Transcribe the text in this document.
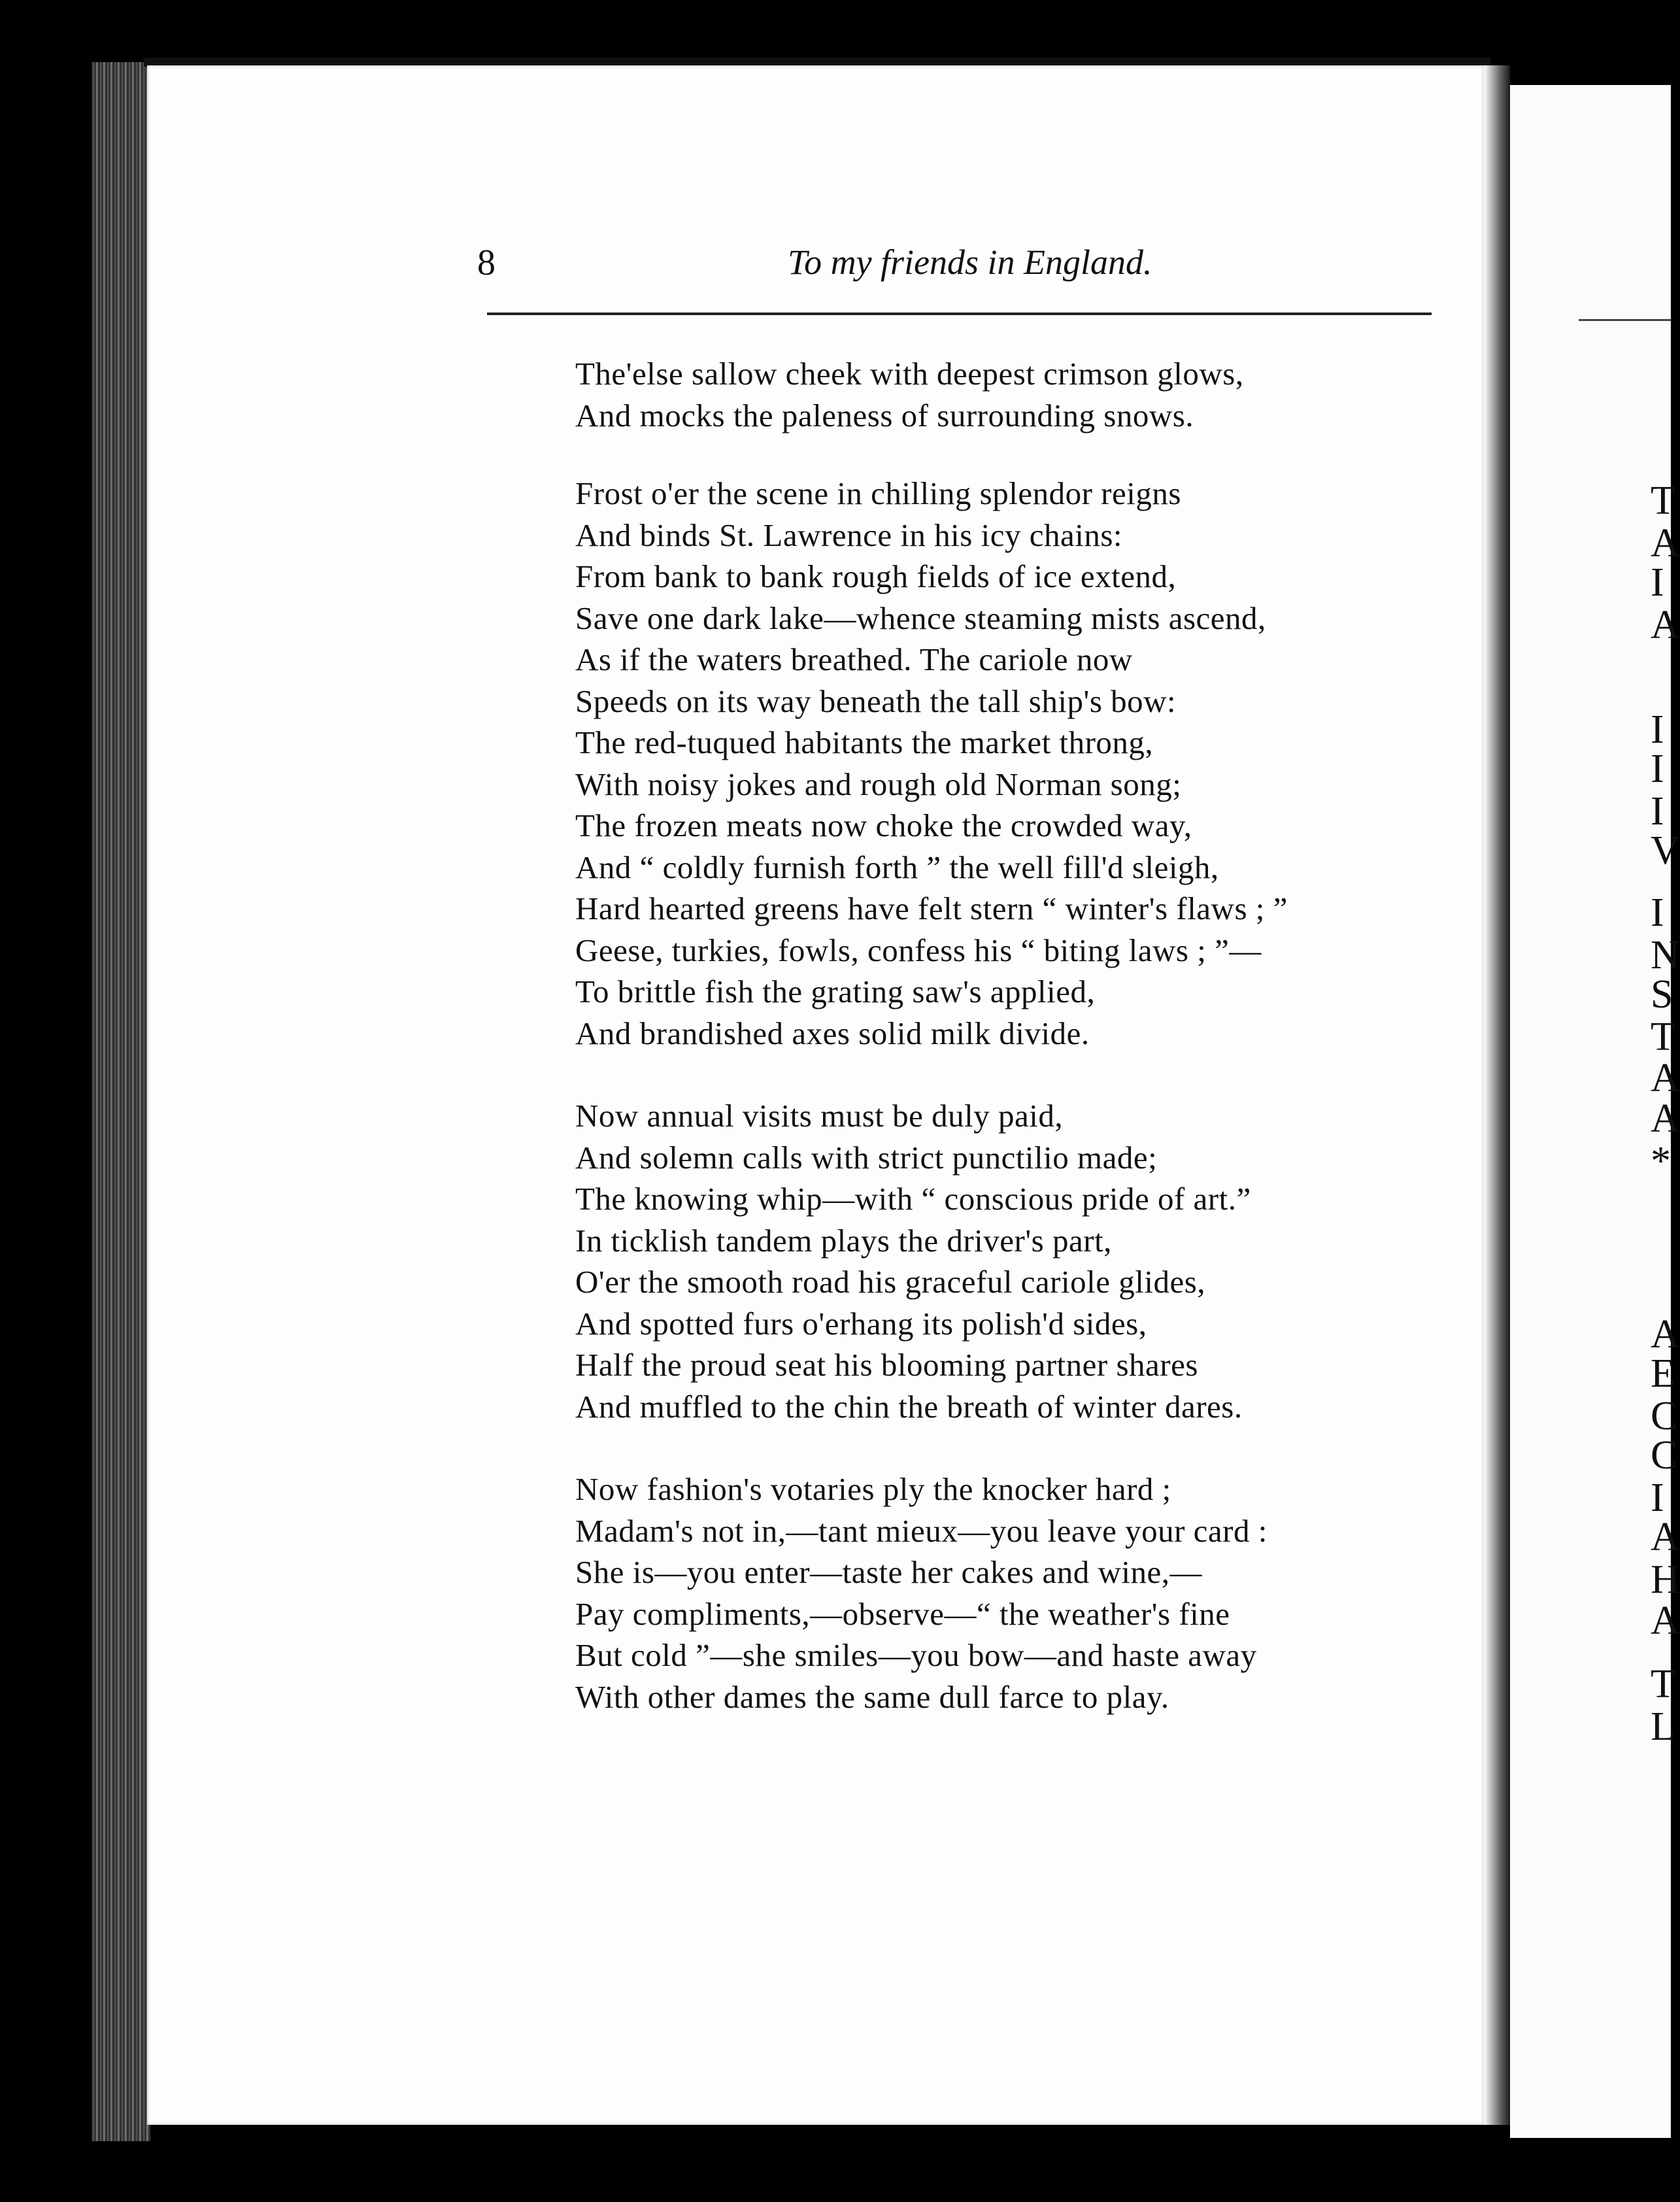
T
A
I
A
I
I
I
V
I
N
S
T
A
A
*
A
E
C
C
I
A
H
A
T
L
8	To my friends in England.
The'else sallow cheek with deepest crimson glows,
And mocks the paleness of surrounding snows.
Frost o'er the scene in chilling splendor reigns
And binds St. Lawrence in his icy chains:
From bank to bank rough fields of ice extend,
Save one dark lake—whence steaming mists ascend,
As if the waters breathed. The cariole now
Speeds on its way beneath the tall ship's bow:
The red-tuqued habitants the market throng,
With noisy jokes and rough old Norman song;
The frozen meats now choke the crowded way,
And “ coldly furnish forth ” the well fill'd sleigh,
Hard hearted greens have felt stern “ winter's flaws ; ”
Geese, turkies, fowls, confess his “ biting laws ; ”—
To brittle fish the grating saw's applied,
And brandished axes solid milk divide.
Now annual visits must be duly paid,
And solemn calls with strict punctilio made;
The knowing whip—with “ conscious pride of art.”
In ticklish tandem plays the driver's part,
O'er the smooth road his graceful cariole glides,
And spotted furs o'erhang its polish'd sides,
Half the proud seat his blooming partner shares
And muffled to the chin the breath of winter dares.
Now fashion's votaries ply the knocker hard ;
Madam's not in,—tant mieux—you leave your card :
She is—you enter—taste her cakes and wine,—
Pay compliments,—observe—“ the weather's fine
But cold ”—she smiles—you bow—and haste away
With other dames the same dull farce to play.
